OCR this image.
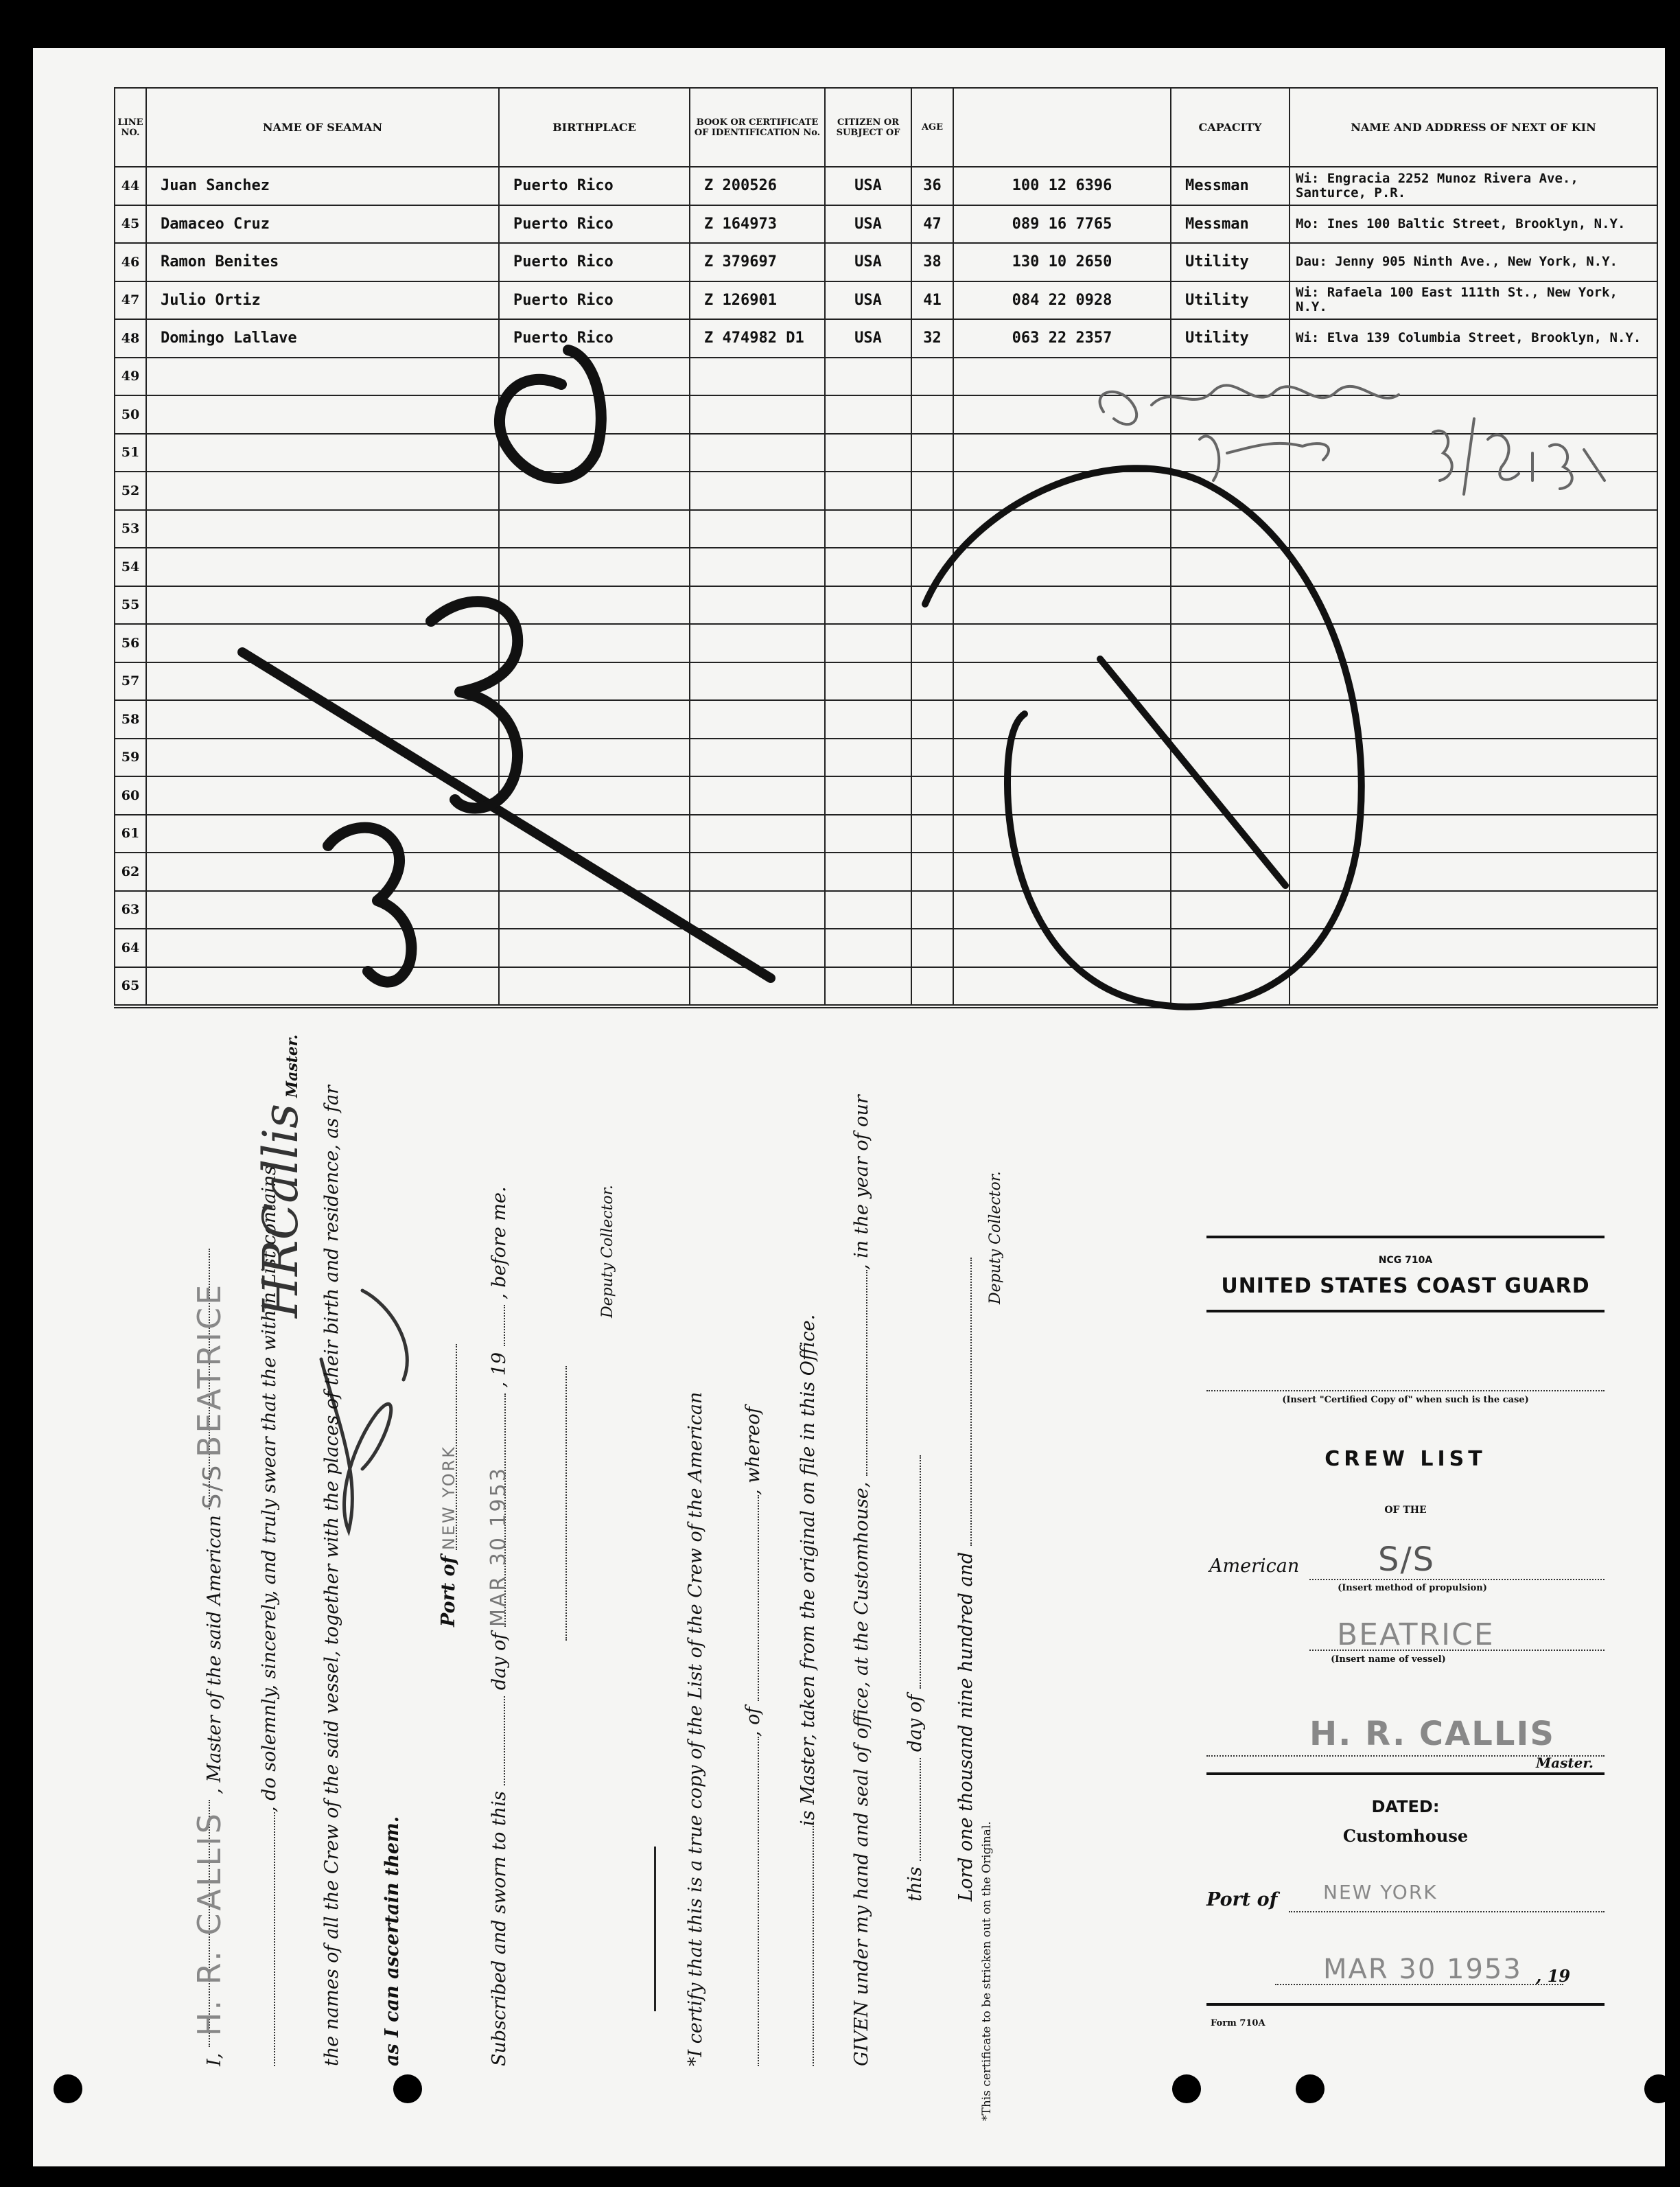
LINE NO.	NAME OF SEAMAN	BIRTHPLACE	BOOK OR CERTIFICATE OF IDENTIFICATION No.	CITIZEN OR SUBJECT OF	AGE		CAPACITY	NAME AND ADDRESS OF NEXT OF KIN
44	Juan Sanchez	Puerto Rico	Z 200526	USA	36	100 12 6396	Messman	Wi: Engracia 2252 Munoz Rivera Ave., Santurce, P.R.
45	Damaceo Cruz	Puerto Rico	Z 164973	USA	47	089 16 7765	Messman	Mo: Ines 100 Baltic Street, Brooklyn, N.Y.
46	Ramon Benites	Puerto Rico	Z 379697	USA	38	130 10 2650	Utility	Dau: Jenny 905 Ninth Ave., New York, N.Y.
47	Julio Ortiz	Puerto Rico	Z 126901	USA	41	084 22 0928	Utility	Wi: Rafaela 100 East 111th St., New York, N.Y.
48	Domingo Lallave	Puerto Rico	Z 474982 D1	USA	32	063 22 2357	Utility	Wi: Elva 139 Columbia Street, Brooklyn, N.Y.
49								
50								
51								
52								
53								
54								
55								
56								
57								
58								
59								
60								
61								
62								
63								
64								
65								
I, H. R. CALLIS , Master of the said American S/S BEATRICE , do solemnly, sincerely, and truly swear that the within List contains the names of all the Crew of the said vessel, together with the places of their birth and residence, as far as I can ascertain them.
HRCallis Master.
Port of NEW YORK
Subscribed and sworn to this  day of MAR 30 1953 , 19  , before me.	Deputy Collector.
*I certify that this is a true copy of the List of the Crew of the American , of , whereof is Master, taken from the original on file in this Office. GIVEN under my hand and seal of office, at the Customhouse, , in the year of our
this  day of Lord one thousand nine hundred and
Deputy Collector.
*This certificate to be stricken out on the Original.
NCG 710A
UNITED STATES COAST GUARD
(Insert "Certified Copy of" when such is the case)
CREW LIST
OF THE
American S/S
(Insert method of propulsion)
BEATRICE
(Insert name of vessel)
H. R. CALLIS
Master.
DATED:
Customhouse
Port of NEW YORK
MAR 30 1953 , 19
Form 710A
